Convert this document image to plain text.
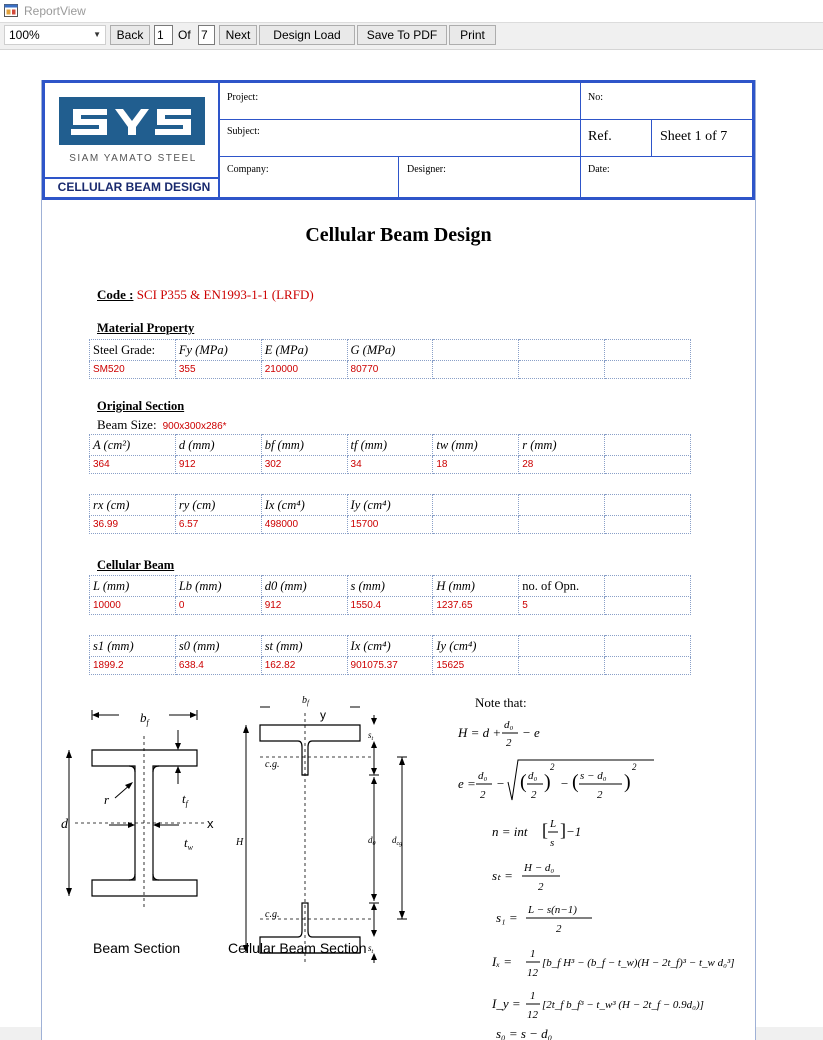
ReportView
100%	▼	Back	1	Of 7	Next	Design Load	Save To PDF	Print
SIAM YAMATO STEEL
CELLULAR BEAM DESIGN
Project:	No:
Subject:	Ref.	Sheet 1 of 7
Company:	Designer:	Date:
Cellular Beam Design
Code : SCI P355 & EN1993-1-1 (LRFD)
Material Property
Steel Grade:	Fy (MPa)	E (MPa)	G (MPa)			
SM520	355	210000	80770			
Original Section
Beam Size: 900x300x286*
A (cm²)	d (mm)	bf (mm)	tf (mm)	tw (mm)	r (mm)	
364	912	302	34	18	28	
rx (cm)	ry (cm)	Ix (cm⁴)	Iy (cm⁴)			
36.99	6.57	498000	15700			
Cellular Beam
L (mm)	Lb (mm)	d0 (mm)	s (mm)	H (mm)	no. of Opn.	
10000	0	912	1550.4	1237.65	5	
s1 (mm)	s0 (mm)	st (mm)	Ix (cm⁴)	Iy (cm⁴)		
1899.2	638.4	162.82	901075.37	15625		
$b_f$
d
r	$t_f$
$t_w$
x
$b_f$
y
H
$s_t$
$s_t$
$d_0$ $d_{cg}$
c.g.
c.g.
Beam Section	Cellular Beam Section
Note that:
H = d + d₀
2
− e
e = d₀
2
− ( d₀
2
)
2
− ( s − d₀
2
)
2
n = int [ L
s
] −1
sₜ = H − d₀
2
s₁ = L − s(n−1)
2
Iₓ = 1
12
[b_f H³ − (b_f − t_w)(H − 2t_f)³ − t_w d₀³]
I_y = 1
12
[2t_f b_f³ − t_w³ (H − 2t_f − 0.9d₀)]
s₀ = s − d₀
